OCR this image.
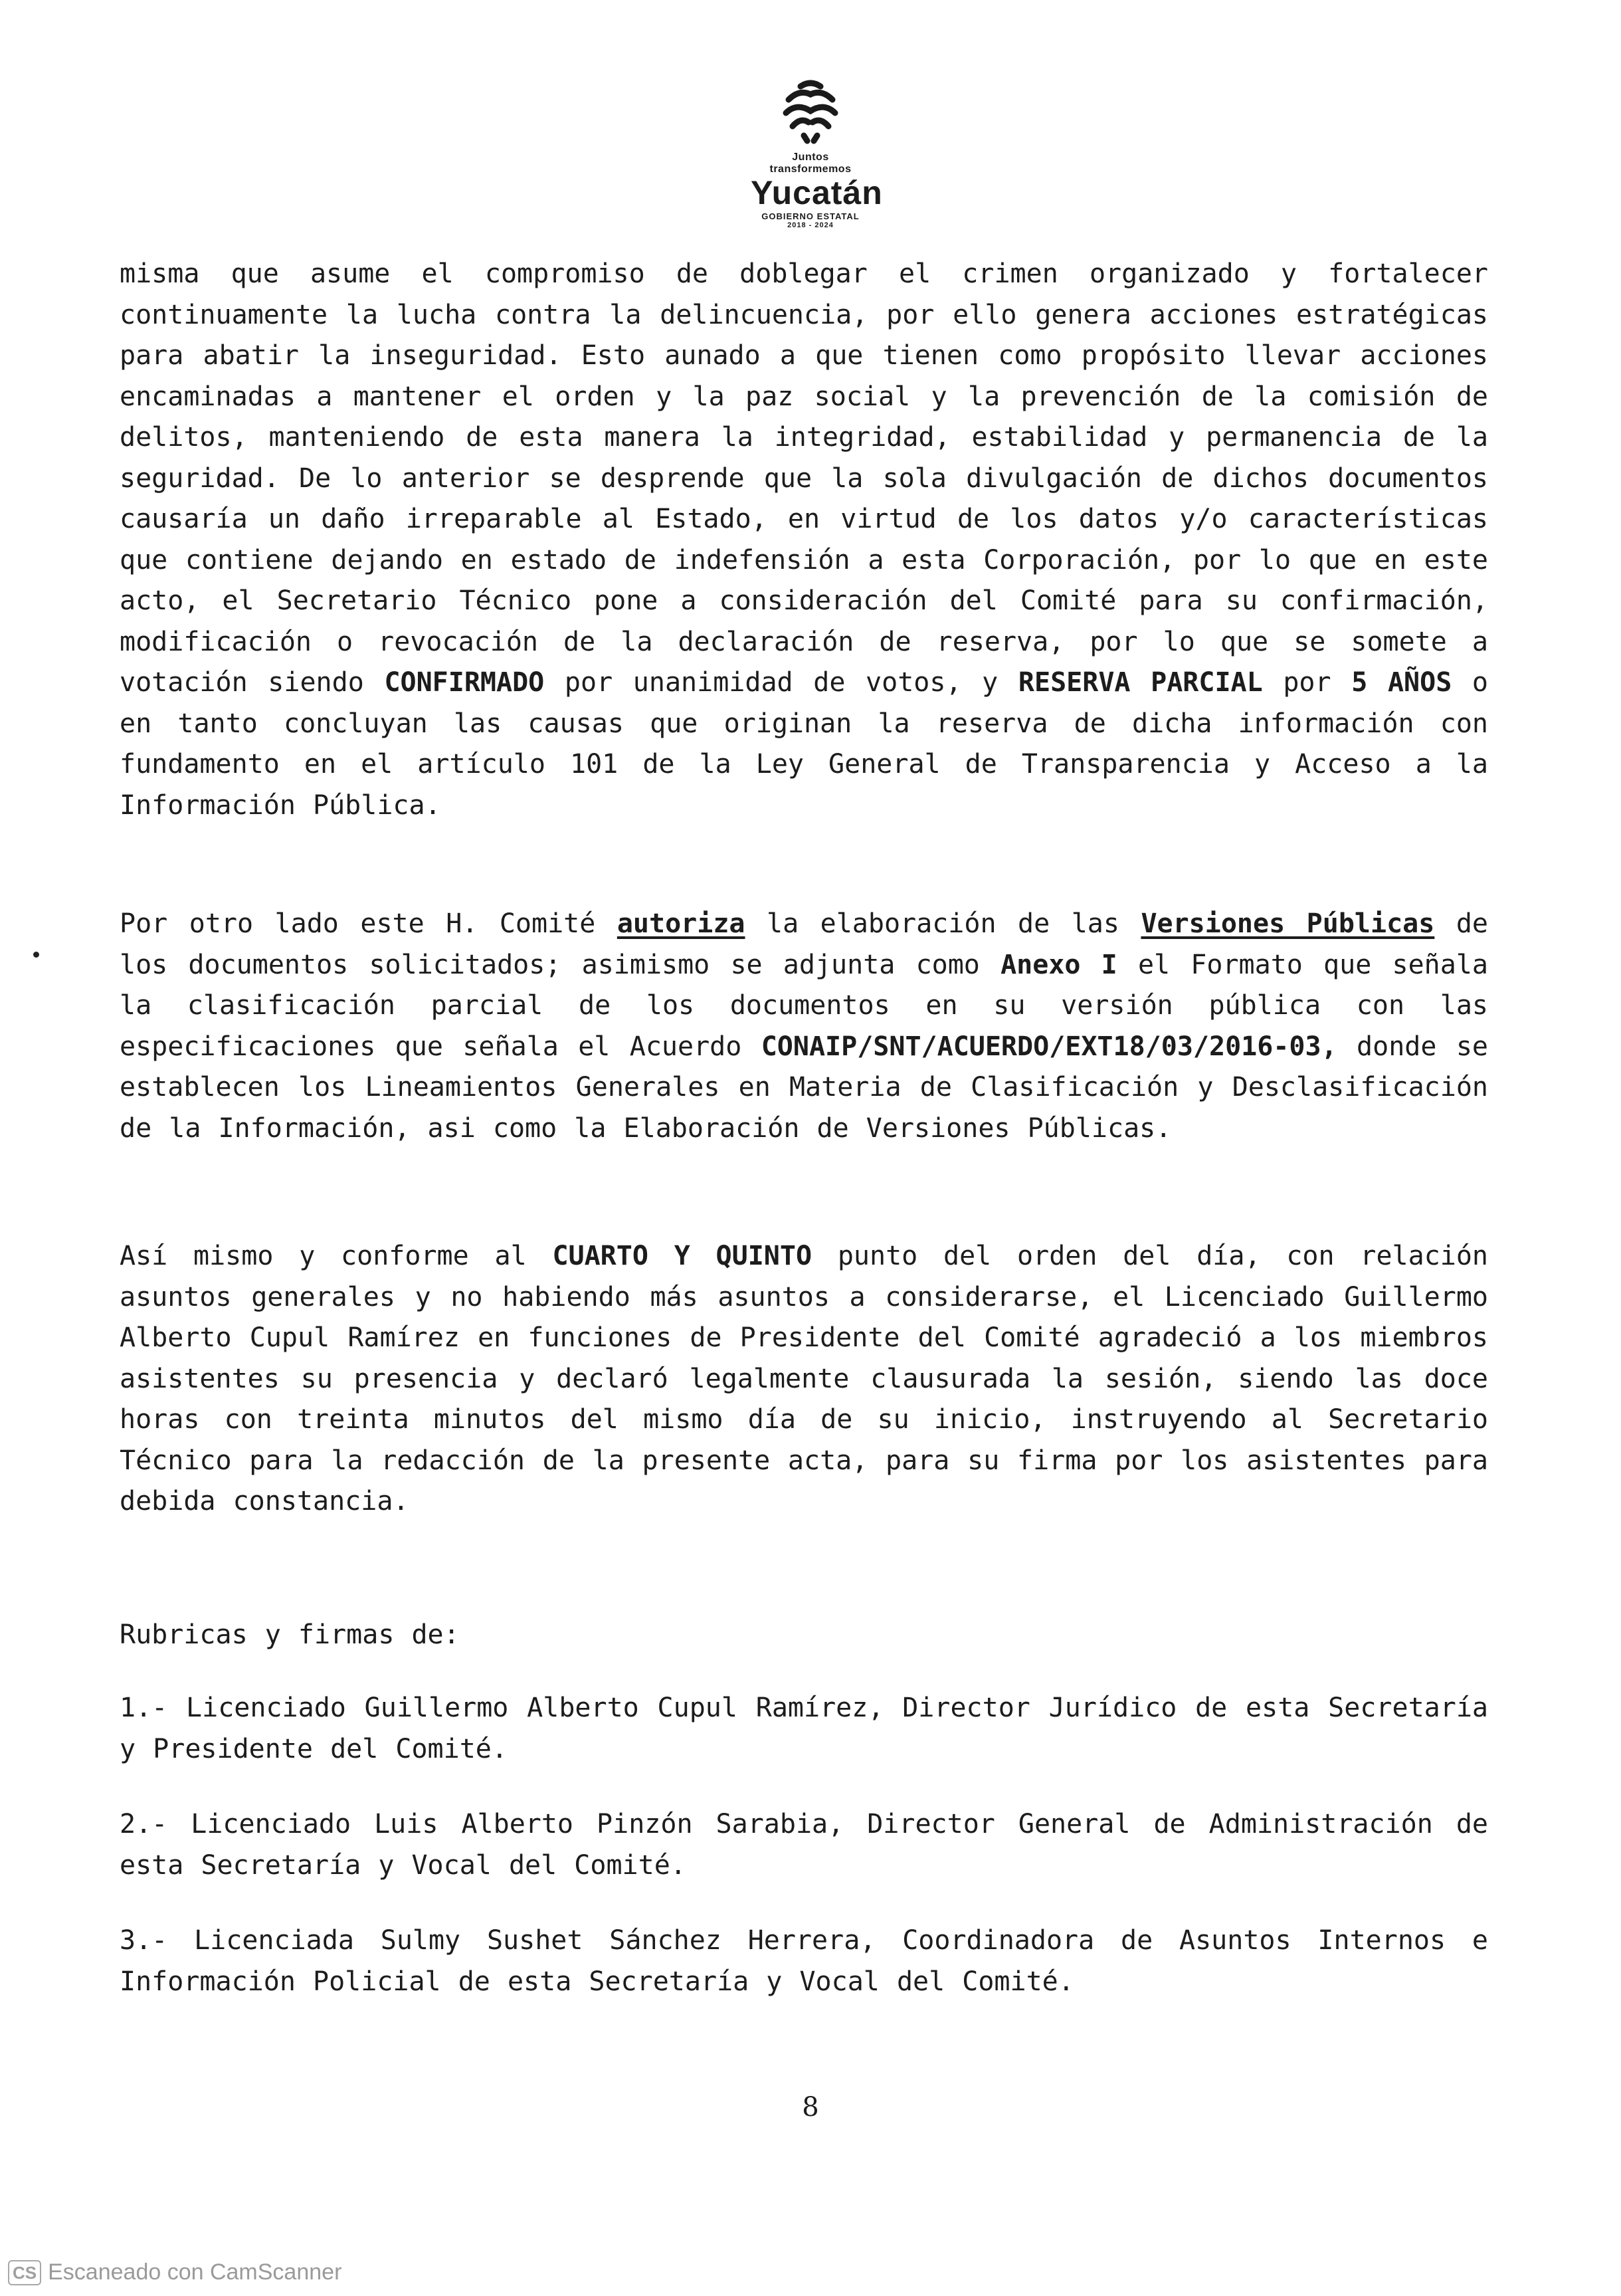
Juntos transformemos
Yucatán
GOBIERNO ESTATAL
2018 - 2024

misma que asume el compromiso de doblegar el crimen organizado y fortalecer continuamente la lucha contra la delincuencia, por ello genera acciones estratégicas para abatir la inseguridad. Esto aunado a que tienen como propósito llevar acciones encaminadas a mantener el orden y la paz social y la prevención de la comisión de delitos, manteniendo de esta manera la integridad, estabilidad y permanencia de la seguridad. De lo anterior se desprende que la sola divulgación de dichos documentos causaría un daño irreparable al Estado, en virtud de los datos y/o características que contiene dejando en estado de indefensión a esta Corporación, por lo que en este acto, el Secretario Técnico pone a consideración del Comité para su confirmación, modificación o revocación de la declaración de reserva, por lo que se somete a votación siendo CONFIRMADO por unanimidad de votos, y RESERVA PARCIAL por 5 AÑOS o en tanto concluyan las causas que originan la reserva de dicha información con fundamento en el artículo 101 de la Ley General de Transparencia y Acceso a la Información Pública.

Por otro lado este H. Comité autoriza la elaboración de las Versiones Públicas de los documentos solicitados; asimismo se adjunta como Anexo I el Formato que señala la clasificación parcial de los documentos en su versión pública con las especificaciones que señala el Acuerdo CONAIP/SNT/ACUERDO/EXT18/03/2016-03, donde se establecen los Lineamientos Generales en Materia de Clasificación y Desclasificación de la Información, asi como la Elaboración de Versiones Públicas.

Así mismo y conforme al CUARTO Y QUINTO punto del orden del día, con relación asuntos generales y no habiendo más asuntos a considerarse, el Licenciado Guillermo Alberto Cupul Ramírez en funciones de Presidente del Comité agradeció a los miembros asistentes su presencia y declaró legalmente clausurada la sesión, siendo las doce horas con treinta minutos del mismo día de su inicio, instruyendo al Secretario Técnico para la redacción de la presente acta, para su firma por los asistentes para debida constancia.

Rubricas y firmas de:

1.- Licenciado Guillermo Alberto Cupul Ramírez, Director Jurídico de esta Secretaría y Presidente del Comité.

2.- Licenciado Luis Alberto Pinzón Sarabia, Director General de Administración de esta Secretaría y Vocal del Comité.

3.- Licenciada Sulmy Sushet Sánchez Herrera, Coordinadora de Asuntos Internos e Información Policial de esta Secretaría y Vocal del Comité.

8
CS Escaneado con CamScanner
